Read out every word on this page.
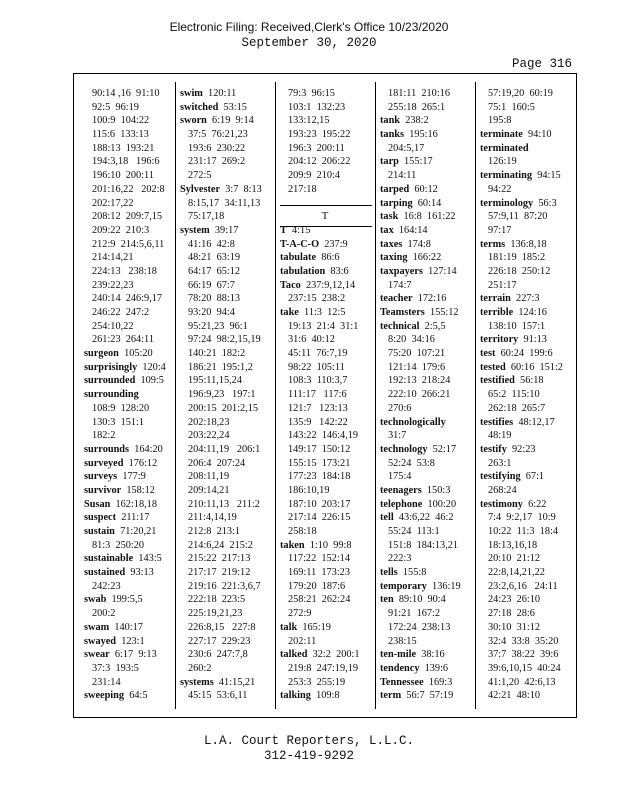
Electronic Filing: Received,Clerk's Office 10/23/2020
September 30, 2020
Page 316
90:14 ,16  91:10
92:5  96:19
100:9  104:22
115:6  133:13
188:13  193:21
194:3,18   196:6
196:10  200:11
201:16,22   202:8
202:17,22
208:12  209:7,15
209:22  210:3
212:9  214:5,6,11
214:14,21
224:13   238:18
239:22,23
240:14  246:9,17
246:22  247:2
254:10,22
261:23  264:11
surgeon 105:20
surprisingly 120:4
surrounded 109:5
surrounding
108:9  128:20
130:3  151:1
182:2
surrounds 164:20
surveyed 176:12
surveys 177:9
survivor 158:12
Susan 162:18,18
suspect 211:17
sustain 71:20,21
81:3  250:20
sustainable 143:5
sustained 93:13
242:23
swab 199:5,5
200:2
swam 140:17
swayed 123:1
swear 6:17  9:13
37:3  193:5
231:14
sweeping 64:5
swim 120:11
switched 53:15
sworn 6:19  9:14
37:5  76:21,23
193:6  230:22
231:17  269:2
272:5
Sylvester 3:7  8:13
8:15,17  34:11,13
75:17,18
system 39:17
41:16  42:8
48:21  63:19
64:17  65:12
66:19  67:7
78:20  88:13
93:20  94:4
95:21,23  96:1
97:24  98:2,15,19
140:21  182:2
186:21  195:1,2
195:11,15,24
196:9,23   197:1
200:15  201:2,15
202:18,23
203:22,24
204:11,19   206:1
206:4  207:24
208:11,19
209:14,21
210:11,13   211:2
211:4,14,19
212:8  213:1
214:6,24  215:2
215:22  217:13
217:17  219:12
219:16  221:3,6,7
222:18  223:5
225:19,21,23
226:8,15   227:8
227:17  229:23
230:6  247:7,8
260:2
systems 41:15,21
45:15  53:6,11
79:3  96:15
103:1  132:23
133:12,15
193:23  195:22
196:3  200:11
204:12  206:22
209:9  210:4
217:18
T 4:15
T-A-C-O 237:9
tabulate 86:6
tabulation 83:6
Taco 237:9,12,14
237:15  238:2
take 11:3  12:5
19:13  21:4  31:1
31:6  40:12
45:11  76:7,19
98:22  105:11
108:3  110:3,7
111:17   117:6
121:7   123:13
135:9   142:22
143:22  146:4,19
149:17  150:12
155:15  173:21
177:23  184:18
186:10,19
187:10  203:17
217:14  226:15
258:18
taken 1:10  99:8
117:22  152:14
169:11  173:23
179:20  187:6
258:21  262:24
272:9
talk 165:19
202:11
talked 32:2  200:1
219:8  247:19,19
253:3  255:19
talking 109:8
181:11  210:16
255:18  265:1
tank 238:2
tanks 195:16
204:5,17
tarp 155:17
214:11
tarped 60:12
tarping 60:14
task 16:8  161:22
tax 164:14
taxes 174:8
taxing 166:22
taxpayers 127:14
174:7
teacher 172:16
Teamsters 155:12
technical 2:5,5
8:20  34:16
75:20  107:21
121:14  179:6
192:13  218:24
222:10  266:21
270:6
technologically
31:7
technology 52:17
52:24  53:8
175:4
teenagers 150:3
telephone 100:20
tell 43:6,22  46:2
55:24  113:1
151:8  184:13,21
222:3
tells 155:8
temporary 136:19
ten 89:10  90:4
91:21  167:2
172:24  238:13
238:15
ten-mile 38:16
tendency 139:6
Tennessee 169:3
term 56:7  57:19
57:19,20  60:19
75:1  160:5
195:8
terminate 94:10
terminated
126:19
terminating 94:15
94:22
terminology 56:3
57:9,11  87:20
97:17
terms 136:8,18
181:19  185:2
226:18  250:12
251:17
terrain 227:3
terrible 124:16
138:10  157:1
territory 91:13
test 60:24  199:6
tested 60:16  151:2
testified 56:18
65:2  115:10
262:18  265:7
testifies 48:12,17
48:19
testify 92:23
263:1
testifying 67:1
268:24
testimony 6:22
7:4  9:2,17  10:9
10:22  11:3  18:4
18:13,16,18
20:10  21:12
22:8,14,21,22
23:2,6,16   24:11
24:23  26:10
27:18  28:6
30:10  31:12
32:4  33:8  35:20
37:7  38:22  39:6
39:6,10,15  40:24
41:1,20  42:6,13
42:21  48:10
T
L.A. Court Reporters, L.L.C.
312-419-9292
